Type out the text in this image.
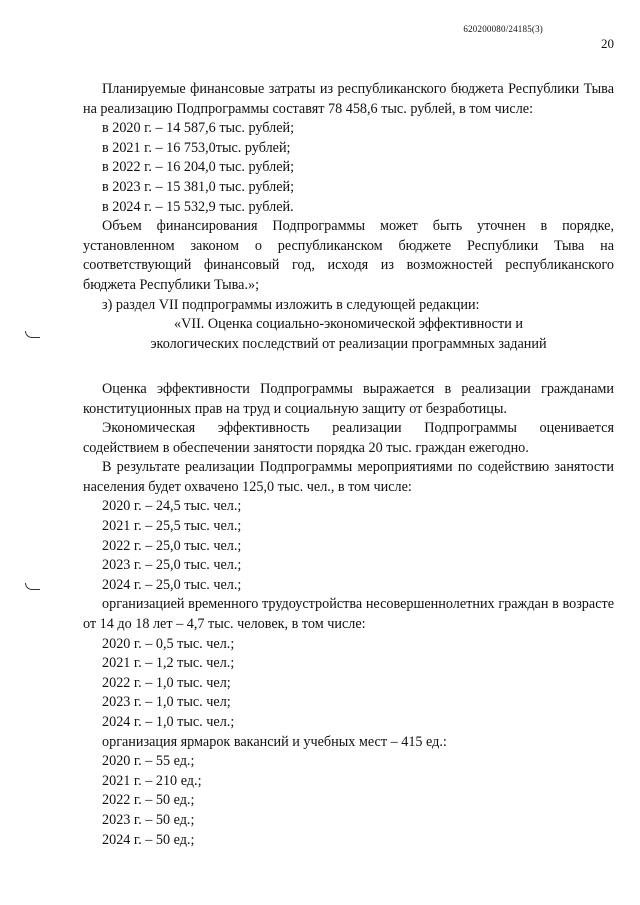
620200080/24185(3)
20

Планируемые финансовые затраты из республиканского бюджета Республики Тыва на реализацию Подпрограммы составят 78 458,6 тыс. рублей, в том числе:

в 2020 г. – 14 587,6 тыс. рублей;

в 2021 г. – 16 753,0тыс. рублей;

в 2022 г. – 16 204,0 тыс. рублей;

в 2023 г. – 15 381,0 тыс. рублей;

в 2024 г. – 15 532,9 тыс. рублей.

Объем финансирования Подпрограммы может быть уточнен в порядке, установленном законом о республиканском бюджете Республики Тыва на соответствующий финансовый год, исходя из возможностей республиканского бюджета Республики Тыва.»;

з) раздел VII подпрограммы изложить в следующей редакции:

«VII. Оценка социально-экономической эффективности и

экологических последствий от реализации программных заданий

Оценка эффективности Подпрограммы выражается в реализации гражданами конституционных прав на труд и социальную защиту от безработицы.

Экономическая эффективность реализации Подпрограммы оценивается содействием в обеспечении занятости порядка 20 тыс. граждан ежегодно.

В результате реализации Подпрограммы мероприятиями по содействию занятости населения будет охвачено 125,0 тыс. чел., в том числе:

2020 г. – 24,5 тыс. чел.;

2021 г. – 25,5 тыс. чел.;

2022 г. – 25,0 тыс. чел.;

2023 г. – 25,0 тыс. чел.;

2024 г. – 25,0 тыс. чел.;

организацией временного трудоустройства несовершеннолетних граждан в возрасте от 14 до 18 лет – 4,7 тыс. человек, в том числе:

2020 г. – 0,5 тыс. чел.;

2021 г. – 1,2 тыс. чел.;

2022 г. – 1,0 тыс. чел;

2023 г. – 1,0 тыс. чел;

2024 г. – 1,0 тыс. чел.;

организация ярмарок вакансий и учебных мест – 415 ед.:

2020 г. – 55 ед.;

2021 г. – 210 ед.;

2022 г. – 50 ед.;

2023 г. – 50 ед.;

2024 г. – 50 ед.;
